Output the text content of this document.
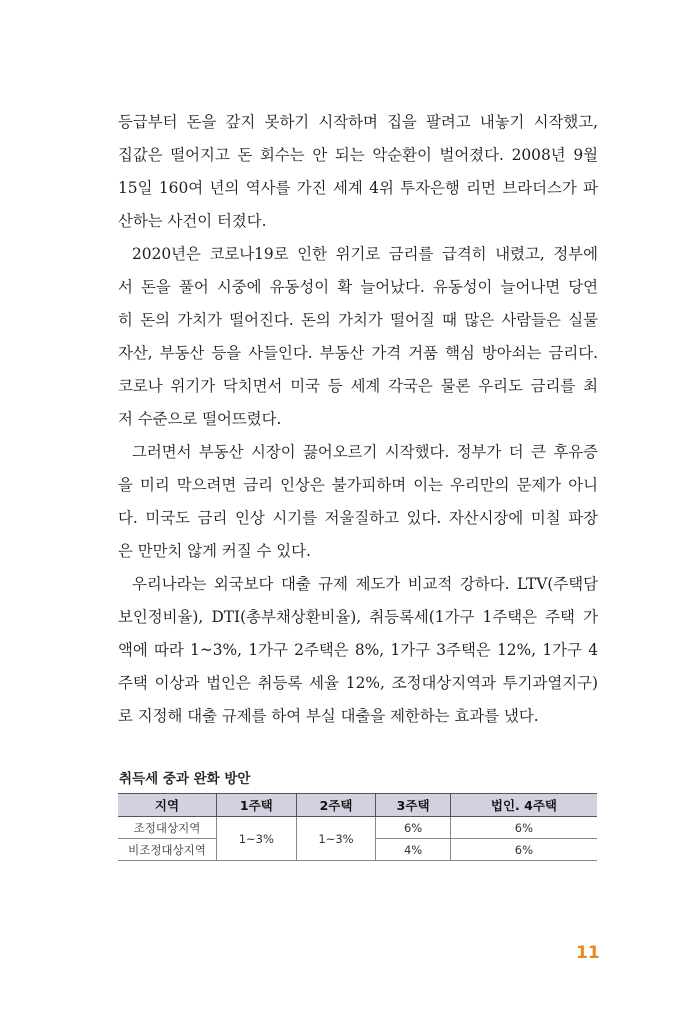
등급부터 돈을 갚지 못하기 시작하며 집을 팔려고 내놓기 시작했고,
집값은 떨어지고 돈 회수는 안 되는 악순환이 벌어졌다. 2008년 9월
15일 160여 년의 역사를 가진 세계 4위 투자은행 리먼 브라더스가 파
산하는 사건이 터졌다.
2020년은 코로나19로 인한 위기로 금리를 급격히 내렸고, 정부에
서 돈을 풀어 시중에 유동성이 확 늘어났다. 유동성이 늘어나면 당연
히 돈의 가치가 떨어진다. 돈의 가치가 떨어질 때 많은 사람들은 실물
자산, 부동산 등을 사들인다. 부동산 가격 거품 핵심 방아쇠는 금리다.
코로나 위기가 닥치면서 미국 등 세계 각국은 물론 우리도 금리를 최
저 수준으로 떨어뜨렸다.
그러면서 부동산 시장이 끓어오르기 시작했다. 정부가 더 큰 후유증
을 미리 막으려면 금리 인상은 불가피하며 이는 우리만의 문제가 아니
다. 미국도 금리 인상 시기를 저울질하고 있다. 자산시장에 미칠 파장
은 만만치 않게 커질 수 있다.
우리나라는 외국보다 대출 규제 제도가 비교적 강하다. LTV(주택담
보인정비율), DTI(총부채상환비율), 취등록세(1가구 1주택은 주택 가
액에 따라 1~3%, 1가구 2주택은 8%, 1가구 3주택은 12%, 1가구 4
주택 이상과 법인은 취등록 세율 12%, 조정대상지역과 투기과열지구)
로 지정해 대출 규제를 하여 부실 대출을 제한하는 효과를 냈다.
취득세 중과 완화 방안
지역	1주택	2주택	3주택	법인. 4주택
조정대상지역	1~3%	1~3%	6%	6%
비조정대상지역			4%	6%
11
